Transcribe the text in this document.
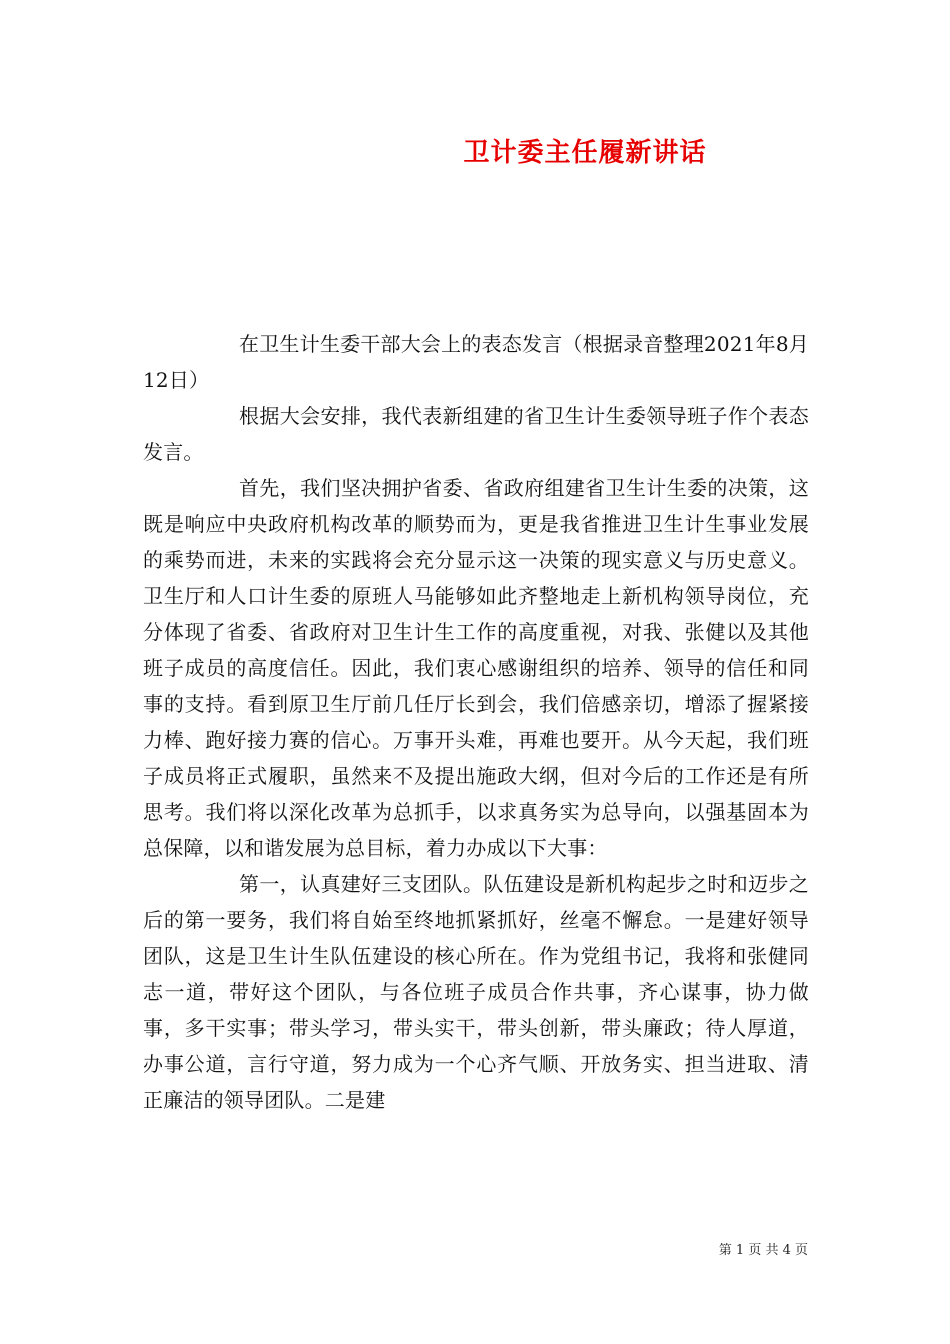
卫计委主任履新讲话

在卫生计生委干部大会上的表态发言（根据录音整理2021年8月12日）

根据大会安排，我代表新组建的省卫生计生委领导班子作个表态发言。

首先，我们坚决拥护省委、省政府组建省卫生计生委的决策，这既是响应中央政府机构改革的顺势而为，更是我省推进卫生计生事业发展的乘势而进，未来的实践将会充分显示这一决策的现实意义与历史意义。卫生厅和人口计生委的原班人马能够如此齐整地走上新机构领导岗位，充分体现了省委、省政府对卫生计生工作的高度重视，对我、张健以及其他班子成员的高度信任。因此，我们衷心感谢组织的培养、领导的信任和同事的支持。看到原卫生厅前几任厅长到会，我们倍感亲切，增添了握紧接力棒、跑好接力赛的信心。万事开头难，再难也要开。从今天起，我们班子成员将正式履职，虽然来不及提出施政大纲，但对今后的工作还是有所思考。我们将以深化改革为总抓手，以求真务实为总导向，以强基固本为总保障，以和谐发展为总目标，着力办成以下大事：

第一，认真建好三支团队。队伍建设是新机构起步之时和迈步之后的第一要务，我们将自始至终地抓紧抓好，丝毫不懈怠。一是建好领导团队，这是卫生计生队伍建设的核心所在。作为党组书记，我将和张健同志一道，带好这个团队，与各位班子成员合作共事，齐心谋事，协力做事，多干实事；带头学习，带头实干，带头创新，带头廉政；待人厚道，办事公道，言行守道，努力成为一个心齐气顺、开放务实、担当进取、清正廉洁的领导团队。二是建

第 1 页 共 4 页
